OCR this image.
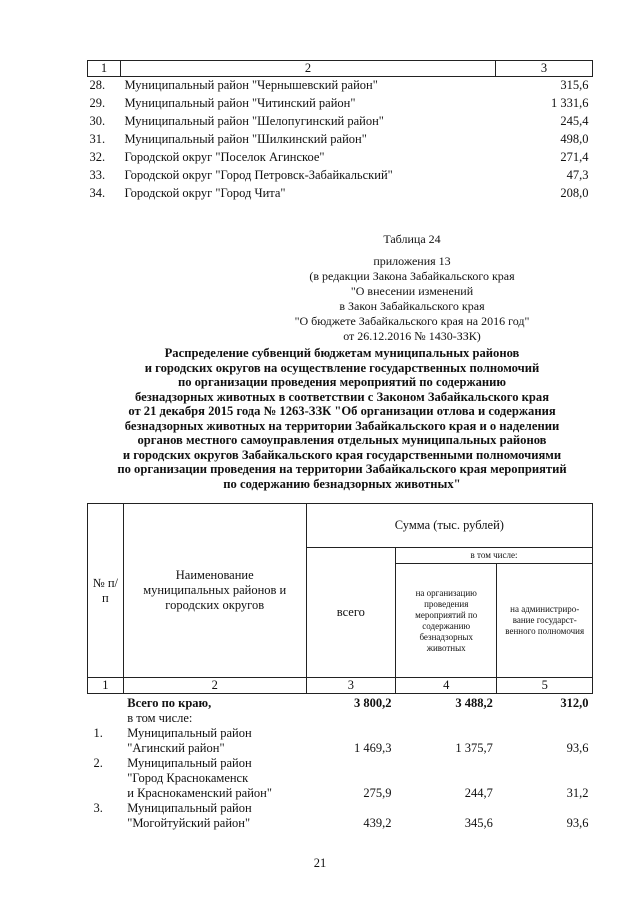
1	2	3
28.	Муниципальный район "Чернышевский район"	315,6
29.	Муниципальный район "Читинский район"	1 331,6
30.	Муниципальный район "Шелопугинский район"	245,4
31.	Муниципальный район "Шилкинский район"	498,0
32.	Городской округ "Поселок Агинское"	271,4
33.	Городской округ "Город Петровск-Забайкальский"	47,3
34.	Городской округ "Город Чита"	208,0
Таблица 24
приложения 13
(в редакции Закона Забайкальского края
"О внесении изменений
в Закон Забайкальского края
"О бюджете Забайкальского края на 2016 год"
от 26.12.2016 № 1430-ЗЗК)
Распределение субвенций бюджетам муниципальных районов
и городских округов на осуществление государственных полномочий
по организации проведения мероприятий по содержанию
безнадзорных животных в соответствии с Законом Забайкальского края
от 21 декабря 2015 года № 1263-ЗЗК "Об организации отлова и содержания
безнадзорных животных на территории Забайкальского края и о наделении
органов местного самоуправления отдельных муниципальных районов
и городских округов Забайкальского края государственными полномочиями
по организации проведения на территории Забайкальского края мероприятий
по содержанию безнадзорных животных"
№ п/п	Наименование муниципальных районов и городских округов	Сумма (тыс. рублей)		
		всего	в том числе:	
			на организацию проведения мероприятий по содержанию безнадзорных животных	на администриро-вание государст-венного полномочия
1	2	3	4	5
	Всего по краю,	3 800,2	3 488,2	312,0
	в том числе:			
1.	Муниципальный район			
	"Агинский район"	1 469,3	1 375,7	93,6
2.	Муниципальный район			
	"Город Краснокаменск			
	и Краснокаменский район"	275,9	244,7	31,2
3.	Муниципальный район			
	"Могойтуйский район"	439,2	345,6	93,6
21
